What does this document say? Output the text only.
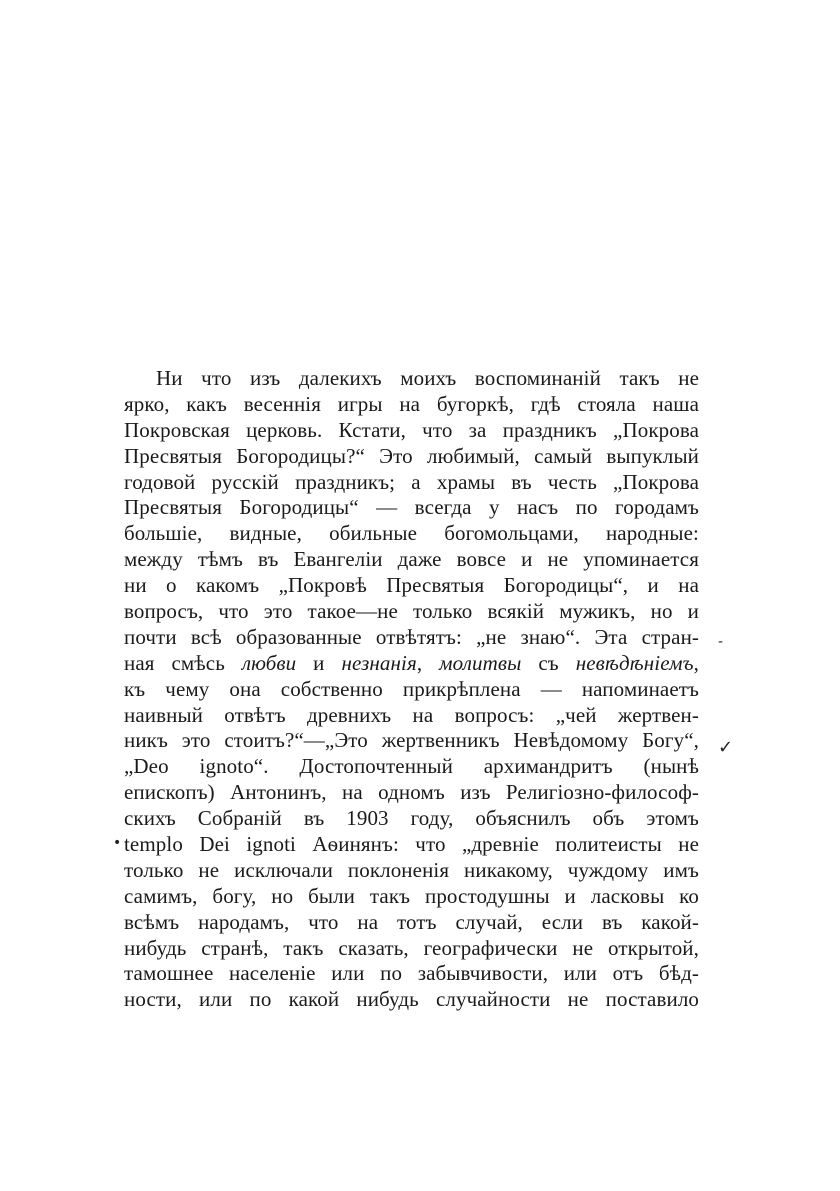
Ни что изъ далекихъ моихъ воспоминаній такъ не
ярко, какъ весеннія игры на бугоркѣ, гдѣ стояла наша
Покровская церковь. Кстати, что за праздникъ „Покрова
Пресвятыя Богородицы?“ Это любимый, самый выпуклый
годовой русскій праздникъ; а храмы въ честь „Покрова
Пресвятыя Богородицы“ — всегда у насъ по городамъ
большіе, видные, обильные богомольцами, народные:
между тѣмъ въ Евангеліи даже вовсе и не упоминается
ни о какомъ „Покровѣ Пресвятыя Богородицы“, и на
вопросъ, что это такое—не только всякій мужикъ, но и
почти всѣ образованные отвѣтятъ: „не знаю“. Эта стран-
ная смѣсь любви и незнанія, молитвы съ невѣдѣніемъ,
къ чему она собственно прикрѣплена — напоминаетъ
наивный отвѣтъ древнихъ на вопросъ: „чей жертвен-
никъ это стоитъ?“—„Это жертвенникъ Невѣдомому Богу“,
„Deo ignoto“. Достопочтенный архимандритъ (нынѣ
епископъ) Антонинъ, на одномъ изъ Религіозно-философ-
скихъ Собраній въ 1903 году, объяснилъ объ этомъ
templo Dei ignoti Аѳинянъ: что „древніе политеисты не
только не исключали поклоненія никакому, чуждому имъ
самимъ, богу, но были такъ простодушны и ласковы ко
всѣмъ народамъ, что на тотъ случай, если въ какой-
нибудь странѣ, такъ сказать, географически не открытой,
тамошнее населеніе или по забывчивости, или отъ бѣд-
ности, или по какой нибудь случайности не поставило
-
✓
•
